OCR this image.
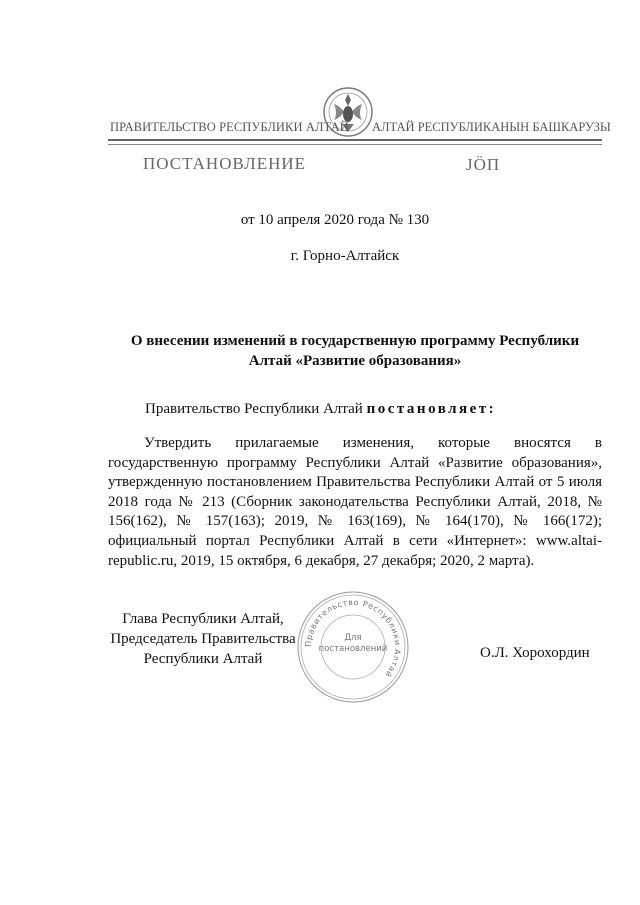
ПРАВИТЕЛЬСТВО РЕСПУБЛИКИ АЛТАЙ АЛТАЙ РЕСПУБЛИКАНЫН БАШКАРУЗЫ
ПОСТАНОВЛЕНИЕ	JÖП
от 10 апреля 2020 года № 130
г. Горно-Алтайск
О внесении изменений в государственную программу Республики Алтай «Развитие образования»
Правительство Республики Алтай постановляет:
Утвердить прилагаемые изменения, которые вносятся в государственную программу Республики Алтай «Развитие образования», утвержденную постановлением Правительства Республики Алтай от 5 июля 2018 года № 213 (Сборник законодательства Республики Алтай, 2018, № 156(162), № 157(163); 2019, № 163(169), № 164(170), № 166(172); официальный портал Республики Алтай в сети «Интернет»: www.altai-republic.ru, 2019, 15 октября, 6 декабря, 27 декабря; 2020, 2 марта).
Глава Республики Алтай,
Председатель Правительства
Республики Алтай	О.Л. Хорохордин
Правительство Республики Алтай
Для
постановлений
